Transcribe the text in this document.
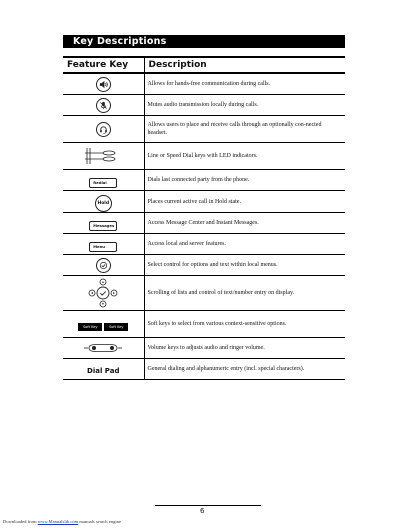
Key Descriptions
Feature Key	Description
	Allows for hands-free communication during calls.
	Mutes audio transmission locally during calls.
	Allows users to place and receive calls through an optionally con-nected headset.
	Line or Speed Dial keys with LED indicators.
Redial	Dials last connected party from the phone.
Hold	Places current active call in Hold state.
Messages	Access Message Center and Instant Messages.
Menu	Access local and server features.
	Select control for options and text within local menus.
	Scrolling of lists and control of text/number entry on display.

Soft Key Soft Key	Soft keys to select from various context-sensitive options.
	Volume keys to adjusts audio and ringer volume.
Dial Pad	General dialing and alphanumeric entry (incl. special characters).
6
Downloaded from www.Manualslib.com manuals search engine
